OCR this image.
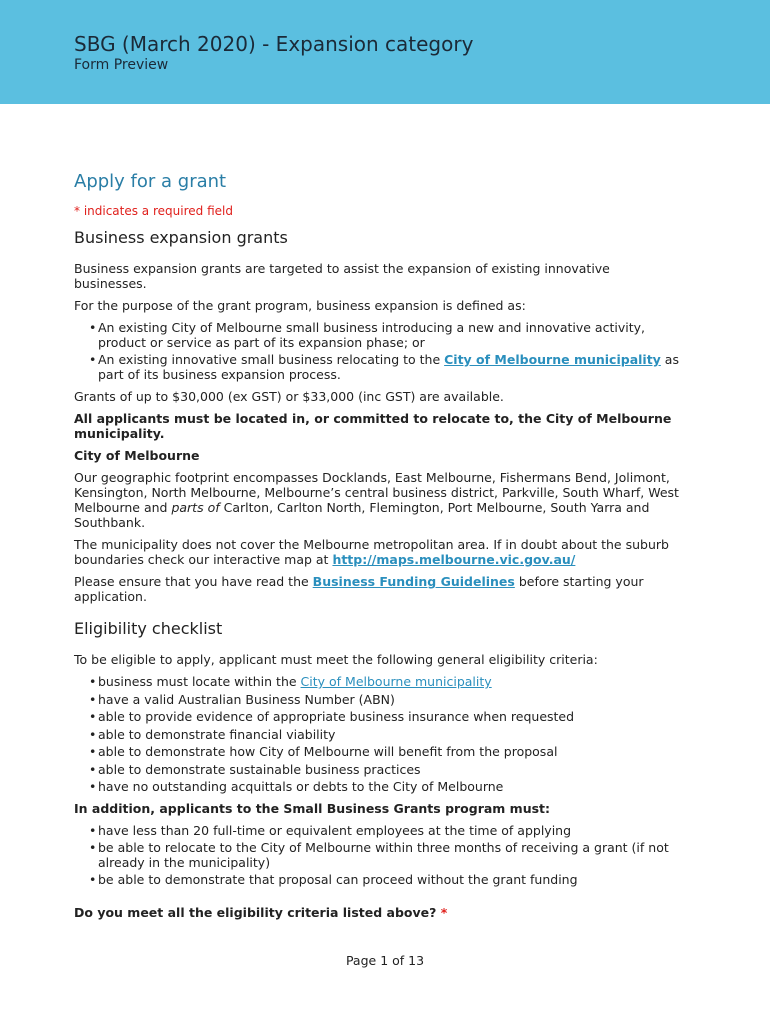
SBG (March 2020) - Expansion category
Form Preview
Apply for a grant
* indicates a required field
Business expansion grants

Business expansion grants are targeted to assist the expansion of existing innovative businesses.

For the purpose of the grant program, business expansion is defined as:

• An existing City of Melbourne small business introducing a new and innovative activity, product or service as part of its expansion phase; or
• An existing innovative small business relocating to the City of Melbourne municipality as part of its business expansion process.

Grants of up to $30,000 (ex GST) or $33,000 (inc GST) are available.

All applicants must be located in, or committed to relocate to, the City of Melbourne municipality.

City of Melbourne

Our geographic footprint encompasses Docklands, East Melbourne, Fishermans Bend, Jolimont, Kensington, North Melbourne, Melbourne’s central business district, Parkville, South Wharf, West Melbourne and parts of Carlton, Carlton North, Flemington, Port Melbourne, South Yarra and Southbank.

The municipality does not cover the Melbourne metropolitan area. If in doubt about the suburb boundaries check our interactive map at http://maps.melbourne.vic.gov.au/

Please ensure that you have read the Business Funding Guidelines before starting your application.

Eligibility checklist

To be eligible to apply, applicant must meet the following general eligibility criteria:

• business must locate within the City of Melbourne municipality
• have a valid Australian Business Number (ABN)
• able to provide evidence of appropriate business insurance when requested
• able to demonstrate financial viability
• able to demonstrate how City of Melbourne will benefit from the proposal
• able to demonstrate sustainable business practices
• have no outstanding acquittals or debts to the City of Melbourne

In addition, applicants to the Small Business Grants program must:

• have less than 20 full-time or equivalent employees at the time of applying
• be able to relocate to the City of Melbourne within three months of receiving a grant (if not already in the municipality)
• be able to demonstrate that proposal can proceed without the grant funding

Do you meet all the eligibility criteria listed above? *

Page 1 of 13
